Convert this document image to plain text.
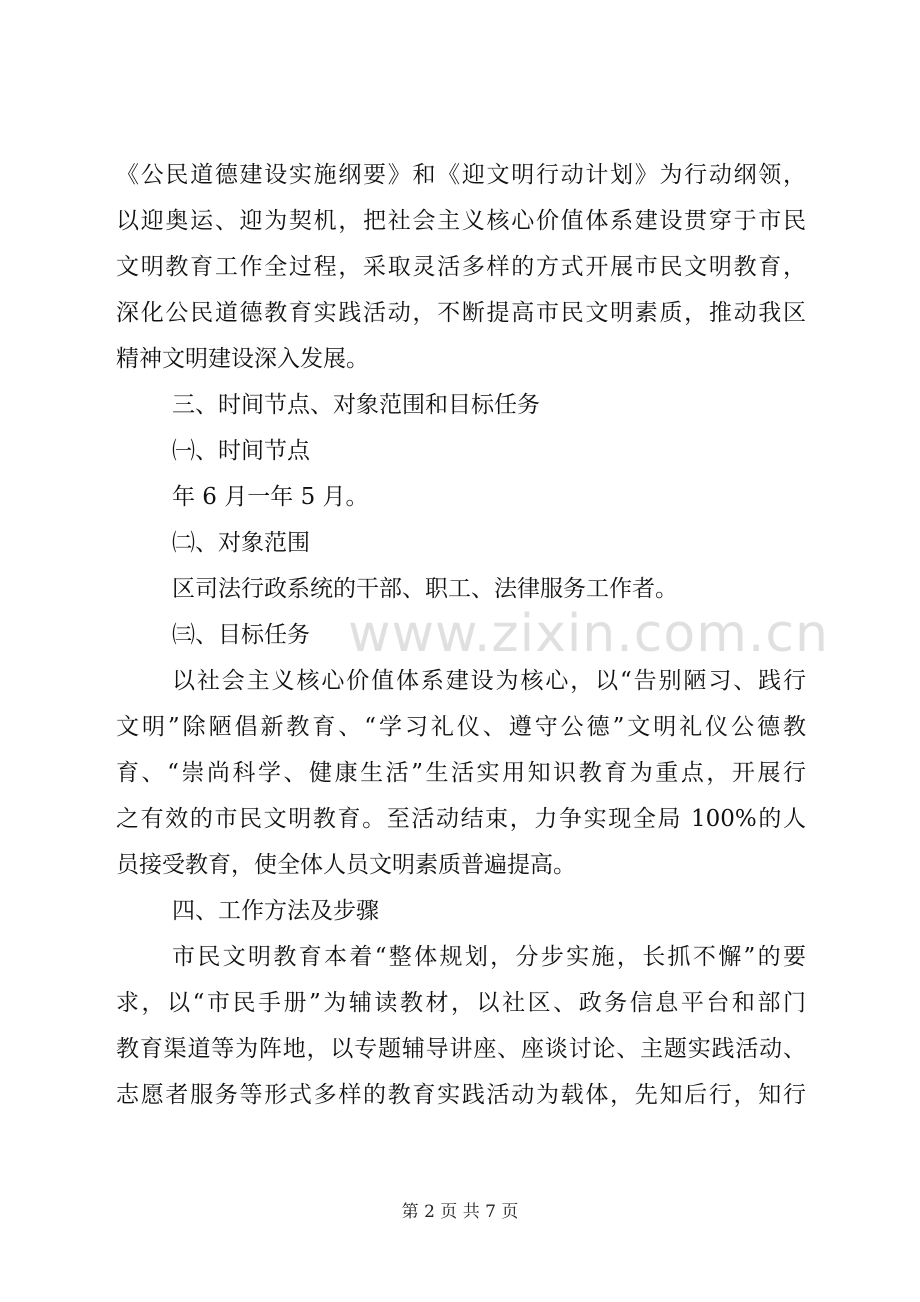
《公民道德建设实施纲要》和《迎文明行动计划》为行动纲领，
以迎奥运、迎为契机，把社会主义核心价值体系建设贯穿于市民
文明教育工作全过程，采取灵活多样的方式开展市民文明教育，
深化公民道德教育实践活动，不断提高市民文明素质，推动我区
精神文明建设深入发展。
三、时间节点、对象范围和目标任务
㈠、时间节点
年 6 月一年 5 月。
㈡、对象范围
区司法行政系统的干部、职工、法律服务工作者。
㈢、目标任务
以社会主义核心价值体系建设为核心，以“告别陋习、践行
文明”除陋倡新教育、“学习礼仪、遵守公德”文明礼仪公德教
育、“崇尚科学、健康生活”生活实用知识教育为重点，开展行
之有效的市民文明教育。至活动结束，力争实现全局 100%的人
员接受教育，使全体人员文明素质普遍提高。
四、工作方法及步骤
市民文明教育本着“整体规划，分步实施，长抓不懈”的要
求，以“市民手册”为辅读教材，以社区、政务信息平台和部门
教育渠道等为阵地，以专题辅导讲座、座谈讨论、主题实践活动、
志愿者服务等形式多样的教育实践活动为载体，先知后行，知行
www.zixin.com.cn
第 2 页 共 7 页
